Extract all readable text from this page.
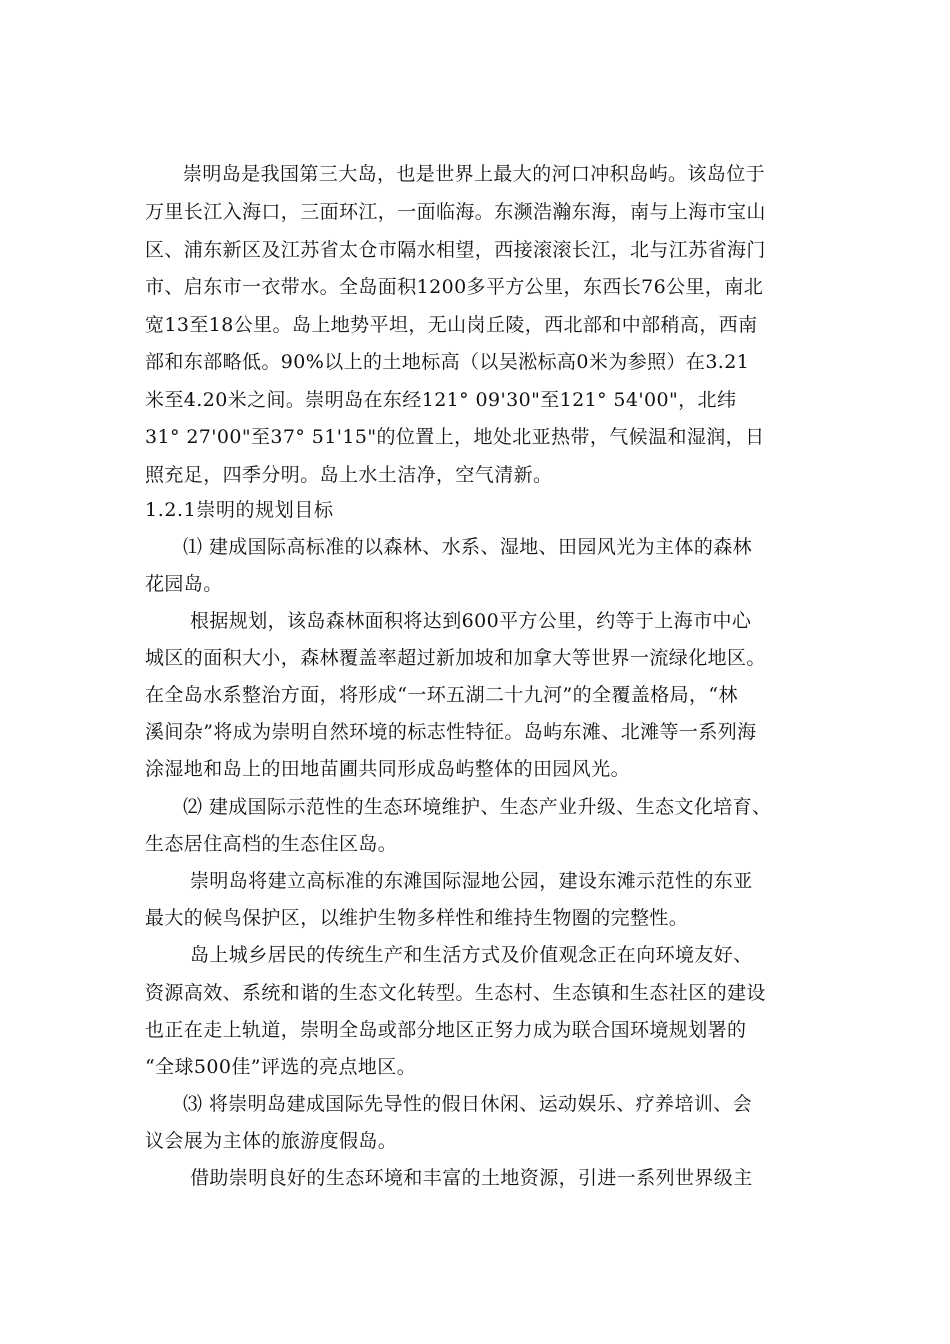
崇明岛是我国第三大岛，也是世界上最大的河口冲积岛屿。该岛位于
万里长江入海口，三面环江，一面临海。东濒浩瀚东海，南与上海市宝山
区、浦东新区及江苏省太仓市隔水相望，西接滚滚长江，北与江苏省海门
市、启东市一衣带水。全岛面积1200多平方公里，东西长76公里，南北
宽13至18公里。岛上地势平坦，无山岗丘陵，西北部和中部稍高，西南
部和东部略低。90%以上的土地标高（以吴淞标高0米为参照）在3.21
米至4.20米之间。崇明岛在东经121° 09'30"至121° 54'00"，北纬
31° 27'00"至37° 51'15"的位置上，地处北亚热带，气候温和湿润，日
照充足，四季分明。岛上水土洁净，空气清新。
1.2.1崇明的规划目标
⑴ 建成国际高标准的以森林、水系、湿地、田园风光为主体的森林
花园岛。
根据规划，该岛森林面积将达到600平方公里，约等于上海市中心
城区的面积大小，森林覆盖率超过新加坡和加拿大等世界一流绿化地区。
在全岛水系整治方面，将形成“一环五湖二十九河”的全覆盖格局，“林
溪间杂”将成为崇明自然环境的标志性特征。岛屿东滩、北滩等一系列海
涂湿地和岛上的田地苗圃共同形成岛屿整体的田园风光。
⑵ 建成国际示范性的生态环境维护、生态产业升级、生态文化培育、
生态居住高档的生态住区岛。
崇明岛将建立高标准的东滩国际湿地公园，建设东滩示范性的东亚
最大的候鸟保护区，以维护生物多样性和维持生物圈的完整性。
岛上城乡居民的传统生产和生活方式及价值观念正在向环境友好、
资源高效、系统和谐的生态文化转型。生态村、生态镇和生态社区的建设
也正在走上轨道，崇明全岛或部分地区正努力成为联合国环境规划署的
“全球500佳”评选的亮点地区。
⑶ 将崇明岛建成国际先导性的假日休闲、运动娱乐、疗养培训、会
议会展为主体的旅游度假岛。
借助崇明良好的生态环境和丰富的土地资源，引进一系列世界级主
